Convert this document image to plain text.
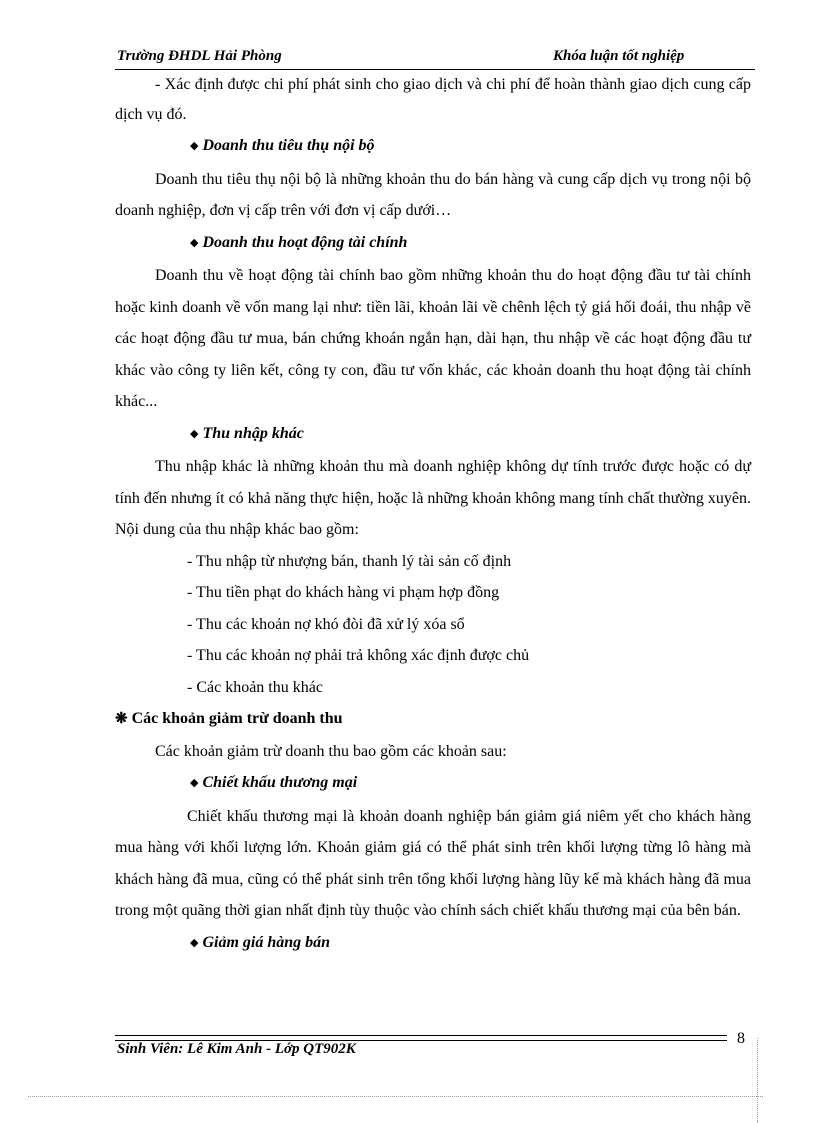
Trường ĐHDL Hải Phòng	Khóa luận tốt nghiệp

- Xác định được chi phí phát sinh cho giao dịch và chi phí để hoàn thành giao dịch cung cấp dịch vụ đó.

◆ Doanh thu tiêu thụ nội bộ

Doanh thu tiêu thụ nội bộ là những khoản thu do bán hàng và cung cấp dịch vụ trong nội bộ doanh nghiệp, đơn vị cấp trên với đơn vị cấp dưới…

◆ Doanh thu hoạt động tài chính

Doanh thu về hoạt động tài chính bao gồm những khoản thu do hoạt động đầu tư tài chính hoặc kinh doanh về vốn mang lại như: tiền lãi, khoản lãi về chênh lệch tỷ giá hối đoái, thu nhập về các hoạt động đầu tư mua, bán chứng khoán ngắn hạn, dài hạn, thu nhập về các hoạt động đầu tư khác vào công ty liên kết, công ty con, đầu tư vốn khác, các khoản doanh thu hoạt động tài chính khác...

◆ Thu nhập khác

Thu nhập khác là những khoản thu mà doanh nghiệp không dự tính trước được hoặc có dự tính đến nhưng ít có khả năng thực hiện, hoặc là những khoản không mang tính chất thường xuyên. Nội dung của thu nhập khác bao gồm:

- Thu nhập từ nhượng bán, thanh lý tài sản cố định

- Thu tiền phạt do khách hàng vi phạm hợp đồng

- Thu các khoản nợ khó đòi đã xử lý xóa sổ

- Thu các khoản nợ phải trả không xác định được chủ

- Các khoản thu khác

❋ Các khoản giảm trừ doanh thu

Các khoản giảm trừ doanh thu bao gồm các khoản sau:

◆ Chiết khấu thương mại

Chiết khấu thương mại là khoản doanh nghiệp bán giảm giá niêm yết cho khách hàng mua hàng với khối lượng lớn. Khoản giảm giá có thể phát sinh trên khối lượng từng lô hàng mà khách hàng đã mua, cũng có thể phát sinh trên tổng khối lượng hàng lũy kế mà khách hàng đã mua trong một quãng thời gian nhất định tùy thuộc vào chính sách chiết khấu thương mại của bên bán.

◆ Giảm giá hàng bán

8

Sinh Viên: Lê Kim Anh - Lớp QT902K
